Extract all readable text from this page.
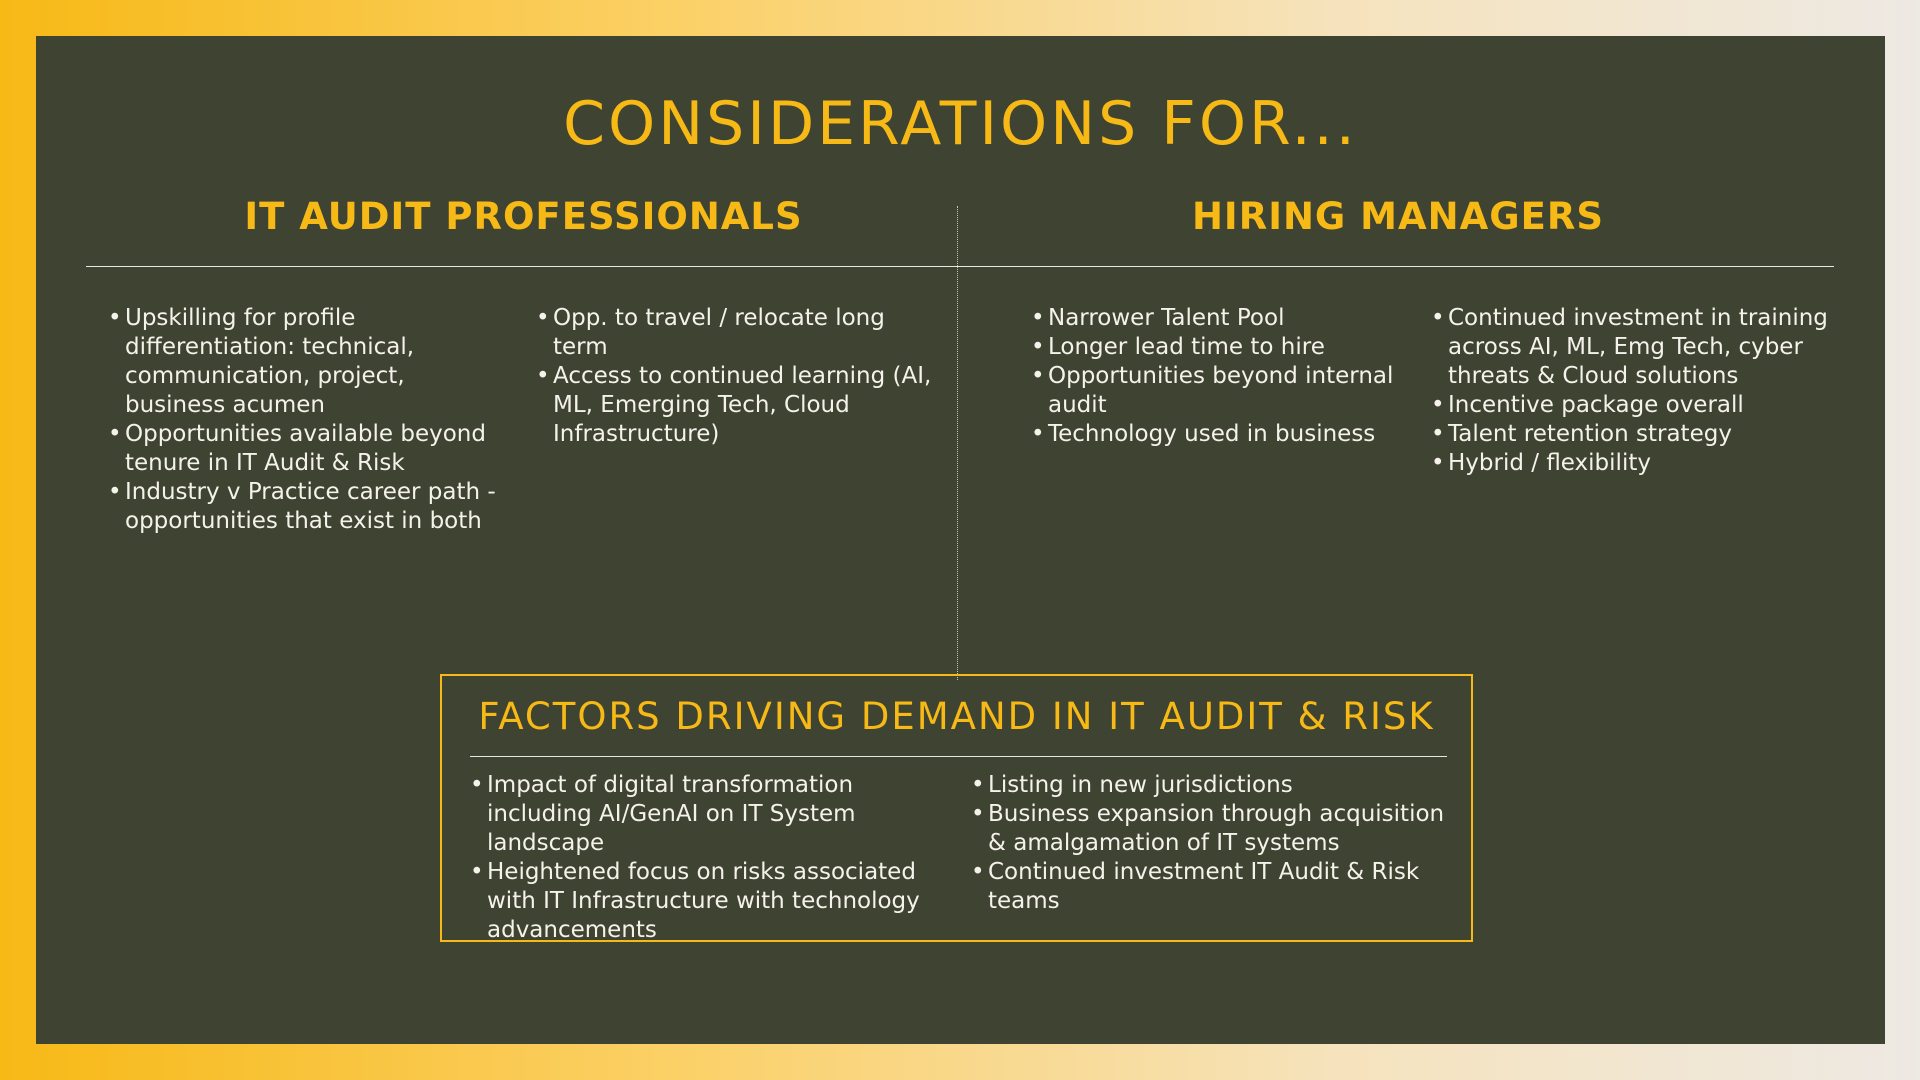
CONSIDERATIONS FOR...
IT AUDIT PROFESSIONALS	HIRING MANAGERS
• Upskilling for profile differentiation: technical, communication, project, business acumen
• Opportunities available beyond tenure in IT Audit & Risk
• Industry v Practice career path - opportunities that exist in both
• Opp. to travel / relocate long term
• Access to continued learning (AI, ML, Emerging Tech, Cloud Infrastructure)
• Narrower Talent Pool
• Longer lead time to hire
• Opportunities beyond internal audit
• Technology used in business
• Continued investment in training across AI, ML, Emg Tech, cyber threats & Cloud solutions
• Incentive package overall
• Talent retention strategy
• Hybrid / flexibility
FACTORS DRIVING DEMAND IN IT AUDIT & RISK
• Impact of digital transformation including AI/GenAI on IT System landscape
• Heightened focus on risks associated with IT Infrastructure with technology advancements
• Listing in new jurisdictions
• Business expansion through acquisition & amalgamation of IT systems
• Continued investment IT Audit & Risk teams
